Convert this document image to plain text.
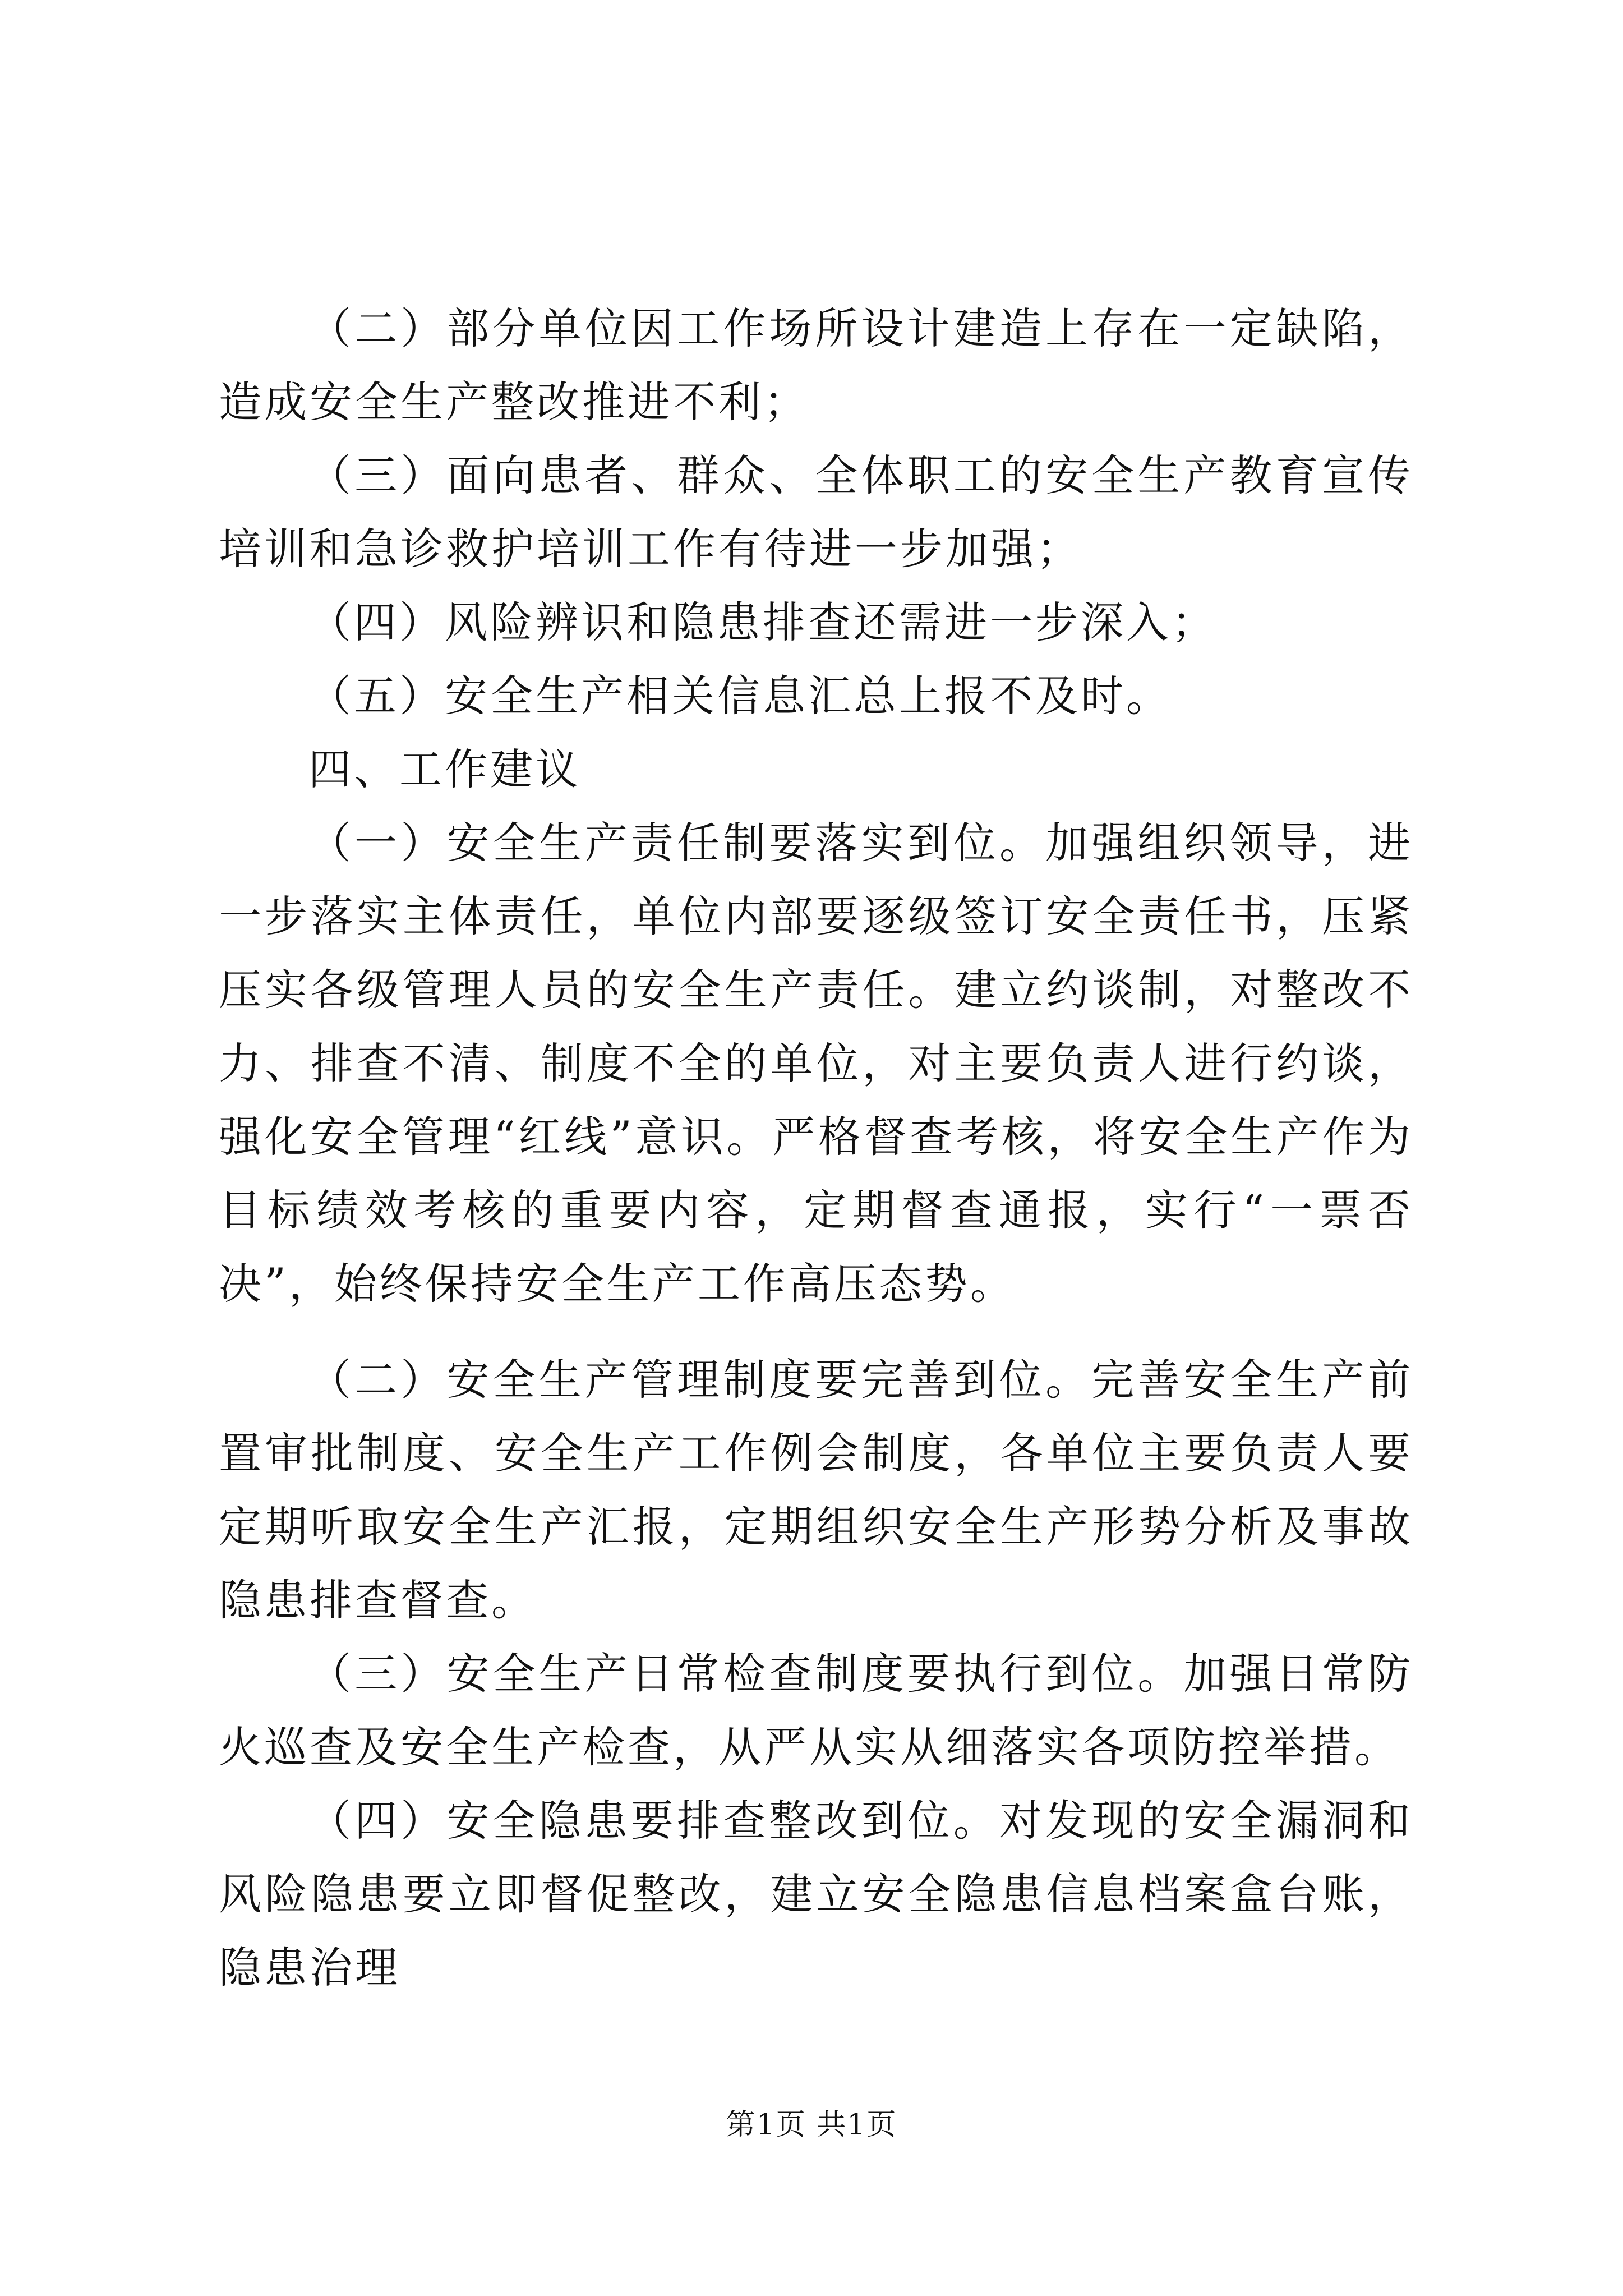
（二）部分单位因工作场所设计建造上存在一定缺陷，造成安全生产整改推进不利；

（三）面向患者、群众、全体职工的安全生产教育宣传培训和急诊救护培训工作有待进一步加强；

（四）风险辨识和隐患排查还需进一步深入；

（五）安全生产相关信息汇总上报不及时。

四、工作建议

（一）安全生产责任制要落实到位。加强组织领导，进一步落实主体责任，单位内部要逐级签订安全责任书，压紧压实各级管理人员的安全生产责任。建立约谈制，对整改不力、排查不清、制度不全的单位，对主要负责人进行约谈，强化安全管理“红线”意识。严格督查考核，将安全生产作为目标绩效考核的重要内容，定期督查通报，实行“一票否决”，始终保持安全生产工作高压态势。

（二）安全生产管理制度要完善到位。完善安全生产前置审批制度、安全生产工作例会制度，各单位主要负责人要定期听取安全生产汇报，定期组织安全生产形势分析及事故隐患排查督查。

（三）安全生产日常检查制度要执行到位。加强日常防火巡查及安全生产检查，从严从实从细落实各项防控举措。

（四）安全隐患要排查整改到位。对发现的安全漏洞和风险隐患要立即督促整改，建立安全隐患信息档案盒台账，隐患治理

第1页 共1页
